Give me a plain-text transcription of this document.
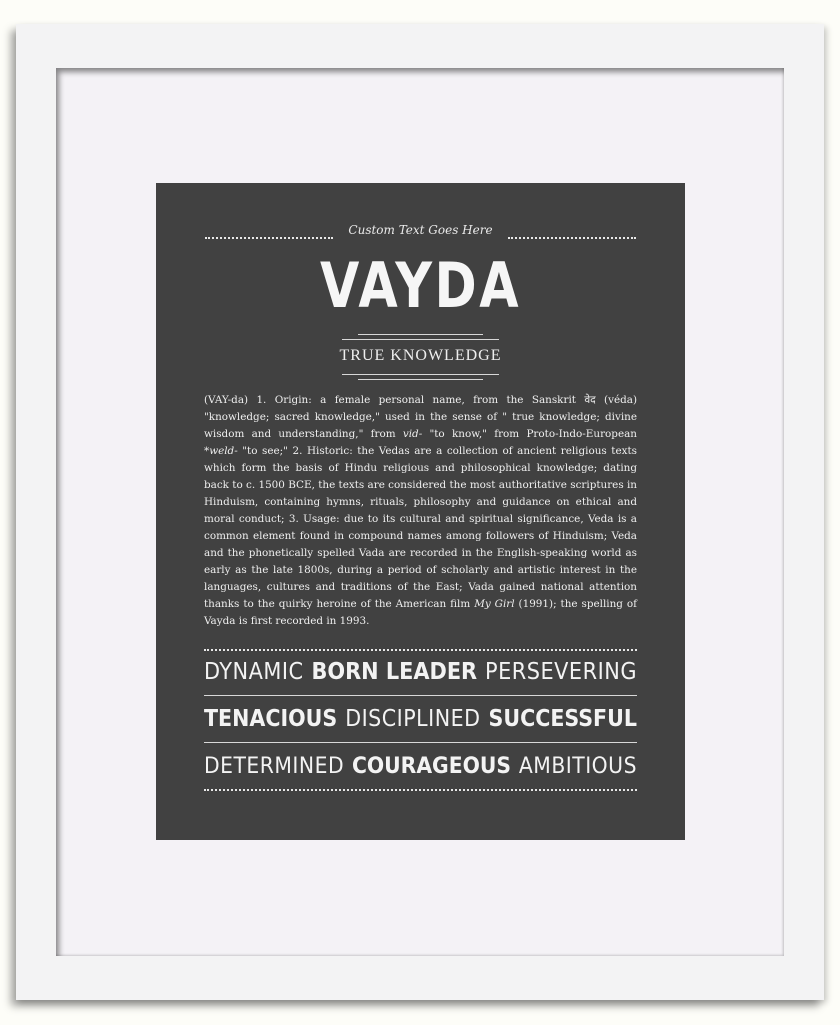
Custom Text Goes Here
VAYDA
TRUE KNOWLEDGE
(VAY-da) 1. Origin: a female personal name, from the Sanskrit वेद (véda) "knowledge; sacred knowledge," used in the sense of " true knowledge; divine wisdom and understanding," from vid- "to know," from Proto-Indo-European *weld- "to see;" 2. Historic: the Vedas are a collection of ancient religious texts which form the basis of Hindu religious and philosophical knowledge; dating back to c. 1500 BCE, the texts are considered the most authoritative scriptures in Hinduism, containing hymns, rituals, philosophy and guidance on ethical and moral conduct; 3. Usage: due to its cultural and spiritual significance, Veda is a common element found in compound names among followers of Hinduism; Veda and the phonetically spelled Vada are recorded in the English-speaking world as early as the late 1800s, during a period of scholarly and artistic interest in the languages, cultures and traditions of the East; Vada gained national attention thanks to the quirky heroine of the American film My Girl (1991); the spelling of Vayda is first recorded in 1993.
DYNAMIC BORN LEADER PERSEVERING
TENACIOUS DISCIPLINED SUCCESSFUL
DETERMINED COURAGEOUS AMBITIOUS
